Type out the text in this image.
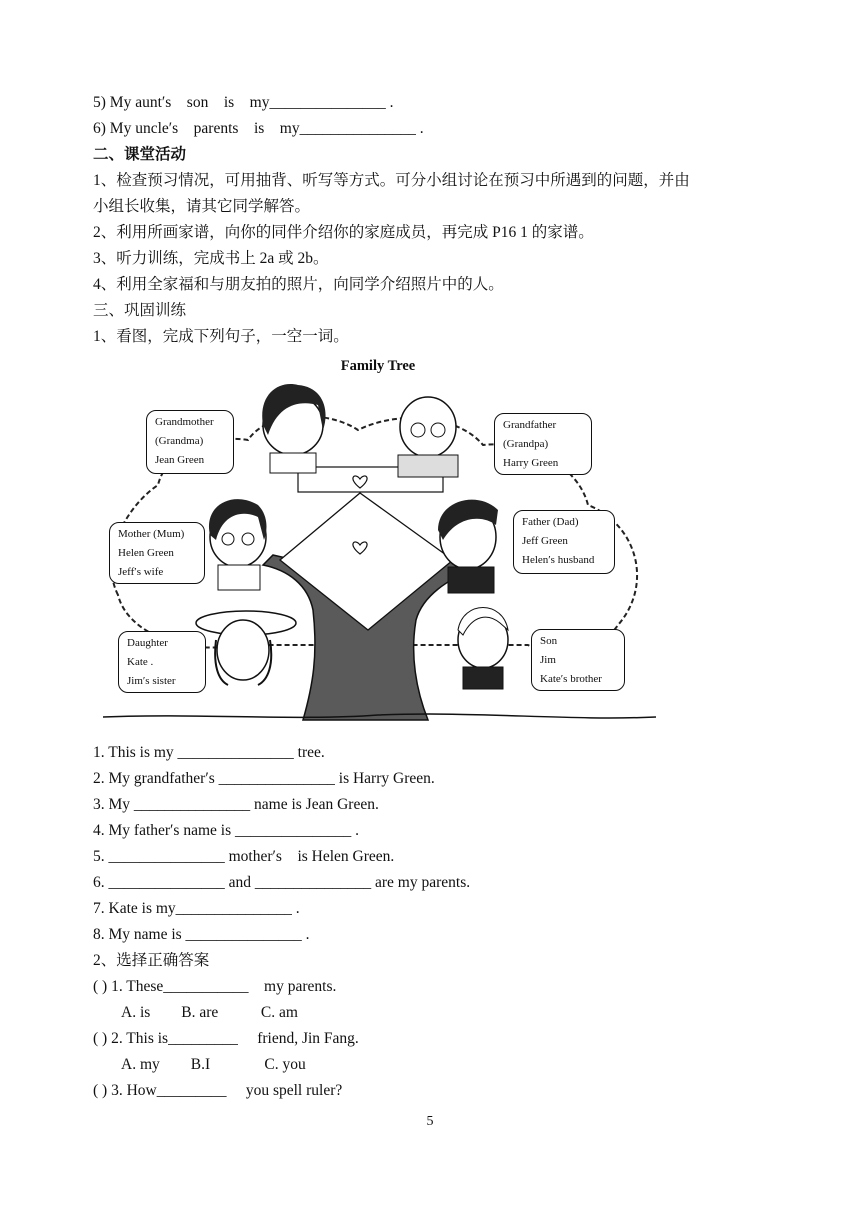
5) My aunt′s    son    is    my_______________ .
6) My uncle′s    parents    is    my_______________ .
二、课堂活动
1、检查预习情况，可用抽背、听写等方式。可分小组讨论在预习中所遇到的问题，并由
小组长收集，请其它同学解答。
2、利用所画家谱，向你的同伴介绍你的家庭成员，再完成 P16 1 的家谱。
3、听力训练，完成书上 2a 或 2b。
4、利用全家福和与朋友拍的照片，向同学介绍照片中的人。
三、巩固训练
1、看图，完成下列句子，一空一词。
Family Tree
Grandmother
(Grandma)
Jean Green
Grandfather
(Grandpa)
Harry Green
Mother (Mum)
Helen Green
Jeff′s wife
Father (Dad)
Jeff Green
Helen′s husband
Daughter
Kate .
Jim′s sister
Son
Jim
Kate′s brother
1. This is my _______________ tree.
2. My grandfather′s _______________ is Harry Green.
3. My _______________ name is Jean Green.
4. My father′s name is _______________ .
5. _______________ mother′s    is Helen Green.
6. _______________ and _______________ are my parents.
7. Kate is my_______________ .
8. My name is _______________ .
2、选择正确答案
( ) 1. These___________    my parents.
A. is        B. are           C. am
( ) 2. This is_________     friend, Jin Fang.
A. my        B.I              C. you
( ) 3. How_________     you spell ruler?
5
